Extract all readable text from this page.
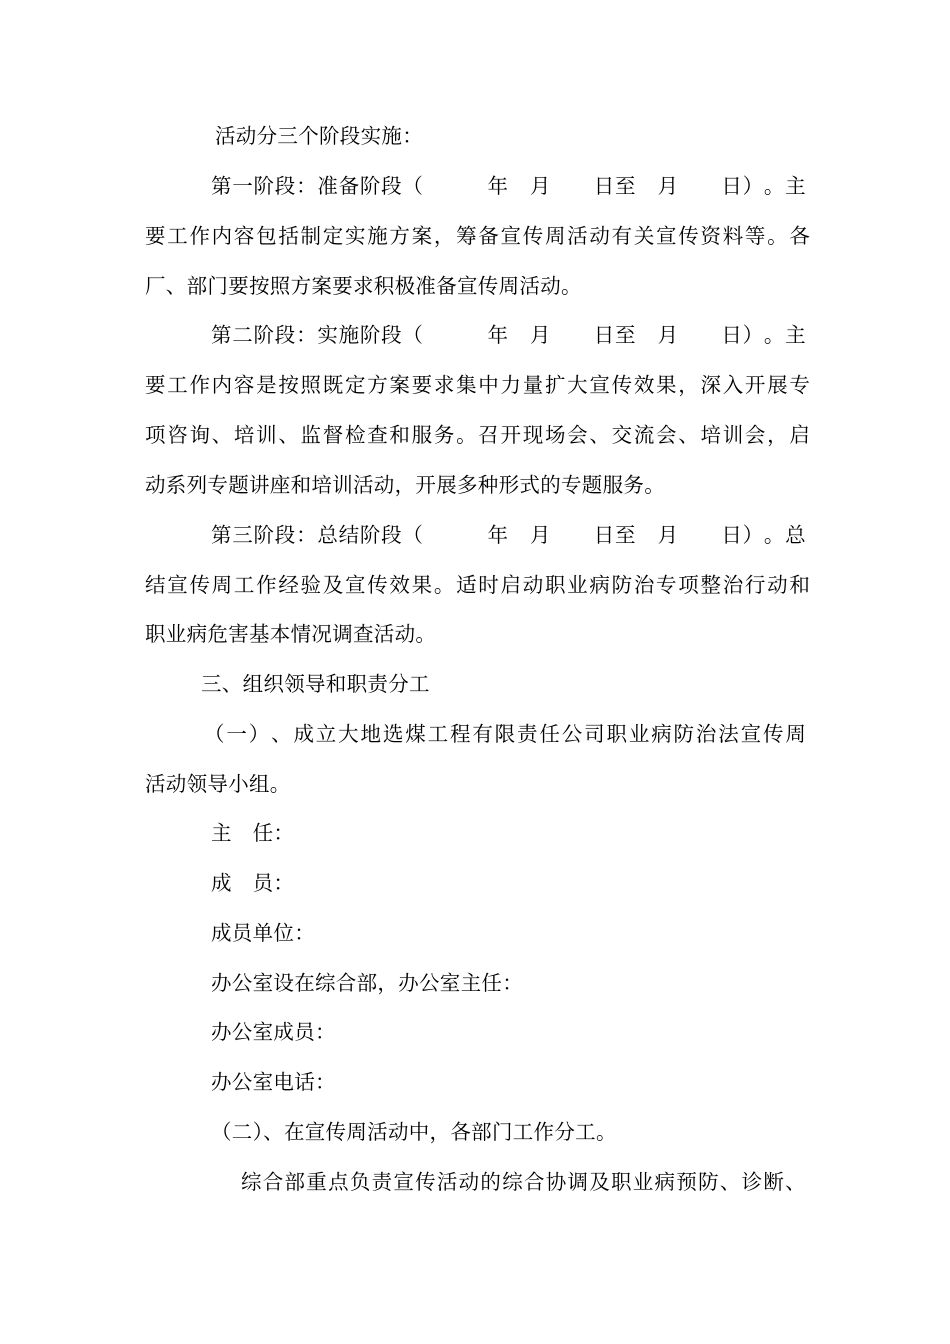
活动分三个阶段实施：
第 一 阶 段 ： 准 备 阶 段 （

　	年
　 月

　 日 至
　 月

　 日 ） 。 主
要 工 作 内 容 包 括 制 定 实 施 方 案 ， 筹 备 宣 传 周 活 动 有 关 宣 传 资 料 等 。 各
厂、部门要按照方案要求积极准备宣传周活动。
第 二 阶 段 ： 实 施 阶 段 （

　	年
　 月

　 日 至
　 月

　 日 ） 。 主
要 工 作 内 容 是 按 照 既 定 方 案 要 求 集 中 力 量 扩 大 宣 传 效 果 ， 深 入 开 展 专
项 咨 询 、 培 训 、 监 督 检 查 和 服 务 。 召 开 现 场 会 、 交 流 会 、 培 训 会 ， 启
动系列专题讲座和培训活动，开展多种形式的专题服务。
第 三 阶 段 ： 总 结 阶 段 （

　	年
　 月

　 日 至
　 月

　 日 ） 。 总
结 宣 传 周 工 作 经 验 及 宣 传 效 果 。 适 时 启 动 职 业 病 防 治 专 项 整 治 行 动 和
职业病危害基本情况调查活动。
三、组织领导和职责分工
（ 一 ） 、 成 立 大 地 选 煤 工 程 有 限 责 任 公 司 职 业 病 防 治 法 宣 传 周
活动领导小组。
主　任：
成　员：
成员单位：
办公室设在综合部，办公室主任：
办公室成员：
办公室电话：
（二）、在宣传周活动中，各部门工作分工。
综 合 部 重 点 负 责 宣 传 活 动 的 综 合 协 调 及 职 业 病 预 防 、 诊 断 、
